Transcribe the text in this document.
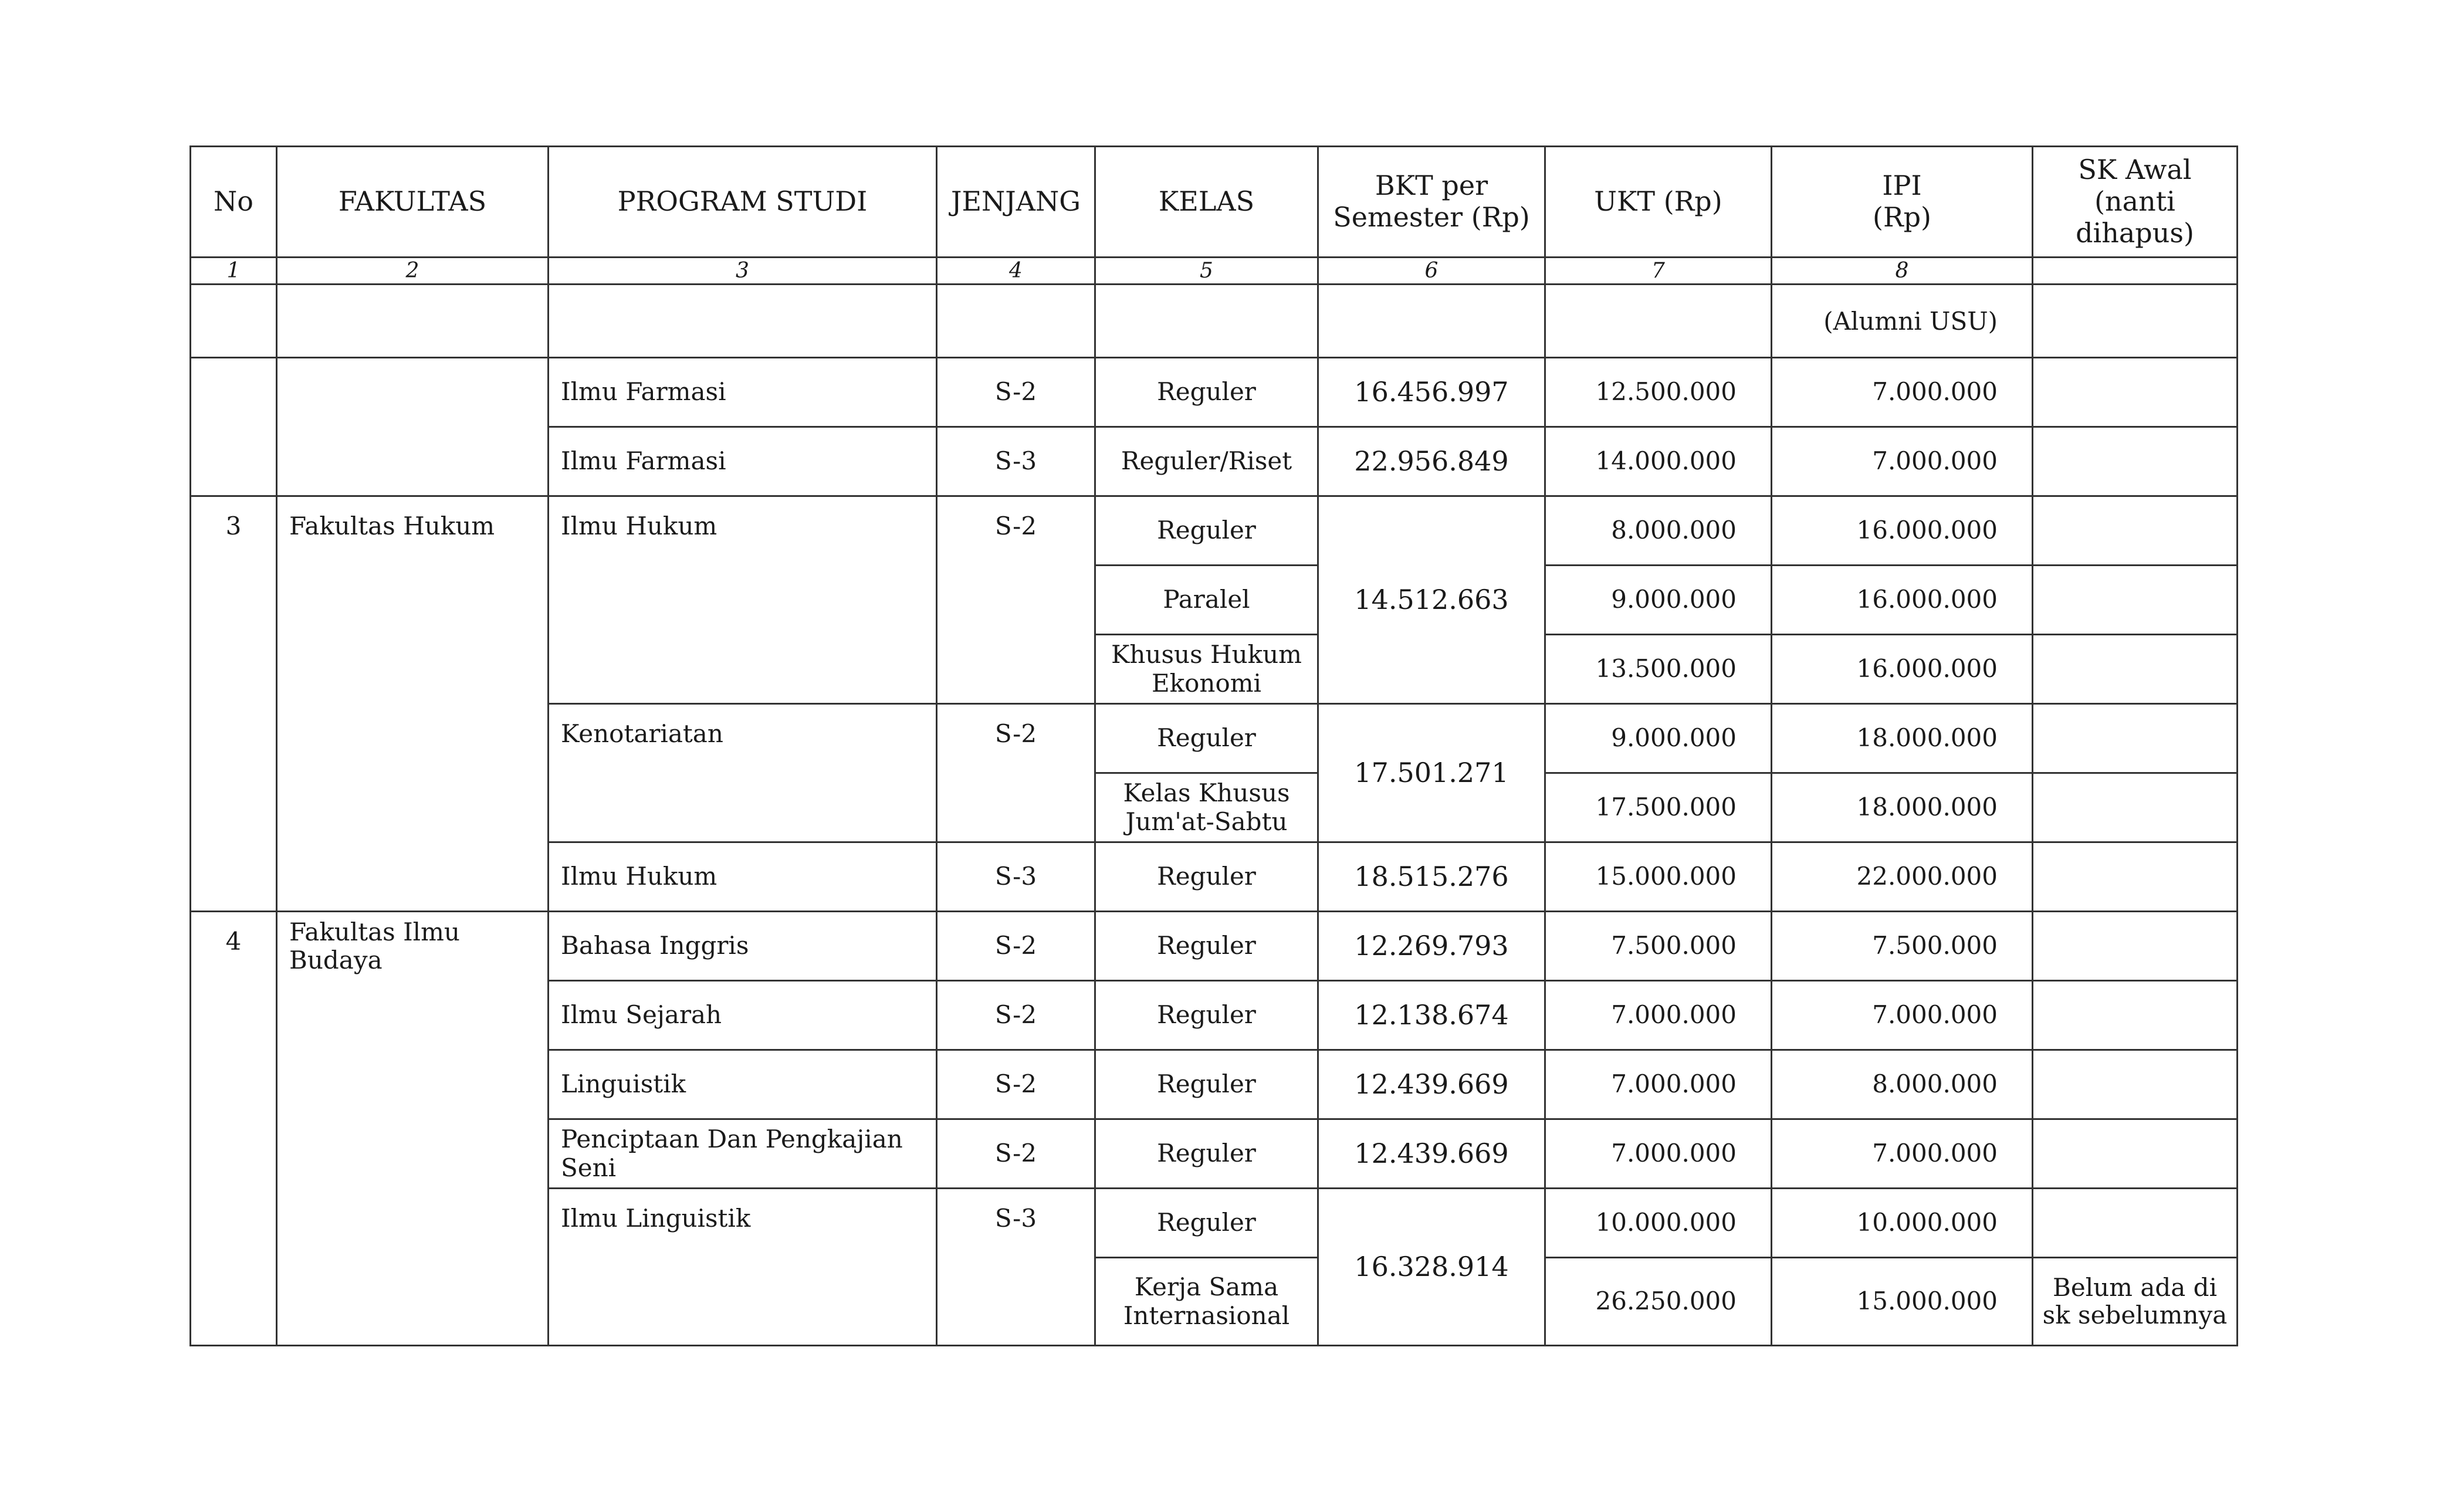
No	FAKULTAS	PROGRAM STUDI	JENJANG	KELAS	BKT per Semester (Rp)	UKT (Rp)	IPI (Rp)	SK Awal (nanti dihapus)
1	2	3	4	5	6	7	8	
							(Alumni USU)	
		Ilmu Farmasi	S-2	Reguler	16.456.997	12.500.000	7.000.000	
		Ilmu Farmasi	S-3	Reguler/Riset	22.956.849	14.000.000	7.000.000	
3	Fakultas Hukum	Ilmu Hukum	S-2	Reguler	14.512.663	8.000.000	16.000.000	
				Paralel		9.000.000	16.000.000	
				Khusus Hukum Ekonomi		13.500.000	16.000.000	
		Kenotariatan	S-2	Reguler	17.501.271	9.000.000	18.000.000	
				Kelas Khusus Jum'at-Sabtu		17.500.000	18.000.000	
		Ilmu Hukum	S-3	Reguler	18.515.276	15.000.000	22.000.000	
4	Fakultas Ilmu Budaya	Bahasa Inggris	S-2	Reguler	12.269.793	7.500.000	7.500.000	
		Ilmu Sejarah	S-2	Reguler	12.138.674	7.000.000	7.000.000	
		Linguistik	S-2	Reguler	12.439.669	7.000.000	8.000.000	
		Penciptaan Dan Pengkajian Seni	S-2	Reguler	12.439.669	7.000.000	7.000.000	
		Ilmu Linguistik	S-3	Reguler	16.328.914	10.000.000	10.000.000	
				Kerja Sama Internasional		26.250.000	15.000.000	Belum ada di sk sebelumnya
